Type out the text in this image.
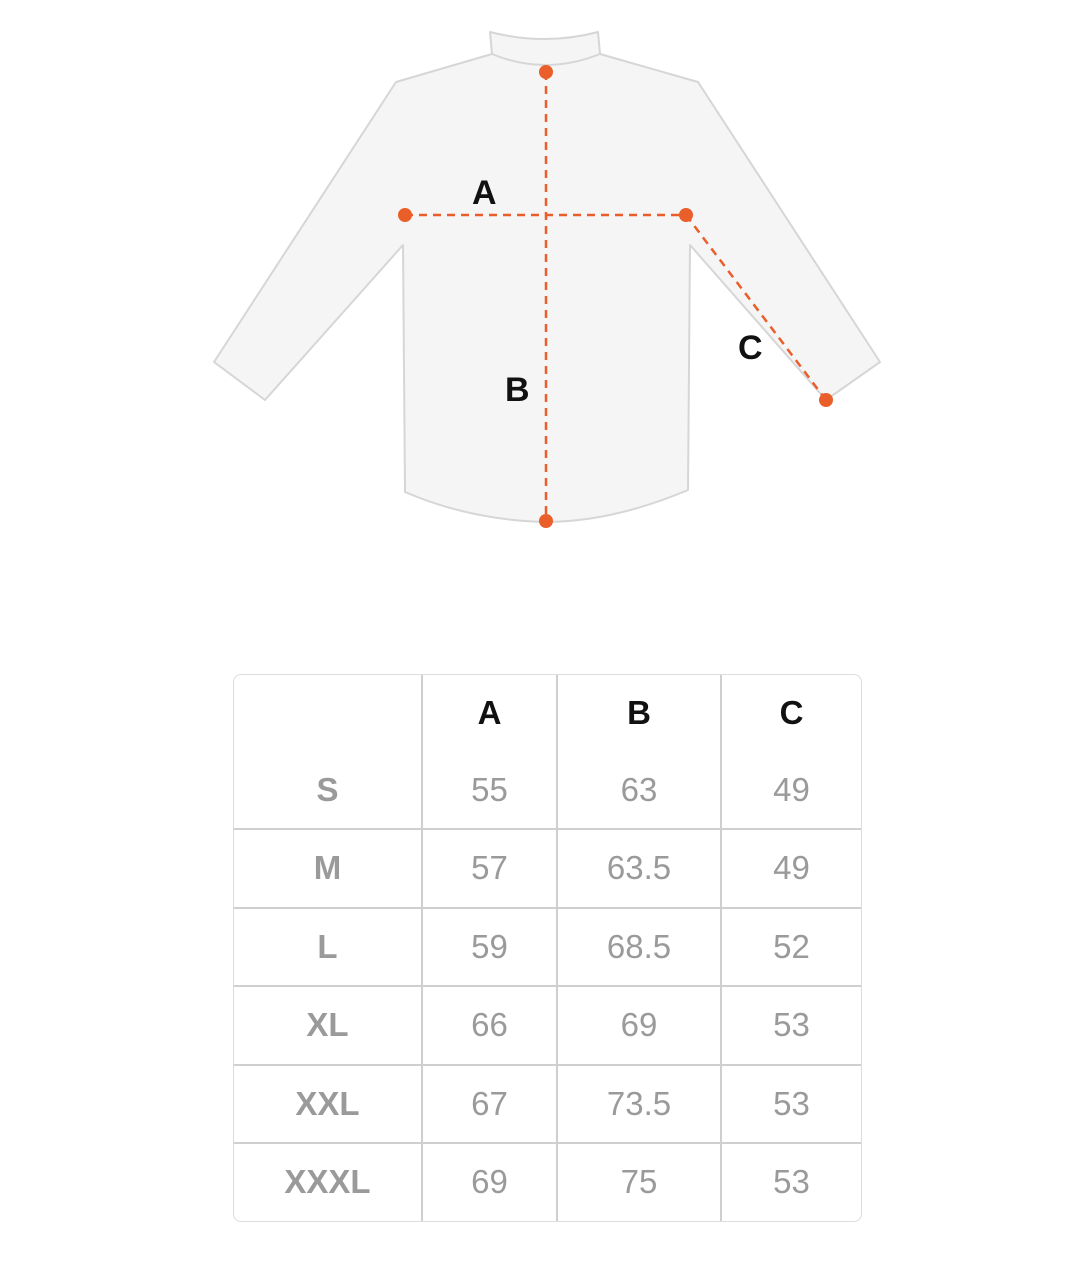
A
B
C
	A	B	C
S	55	63	49
M	57	63.5	49
L	59	68.5	52
XL	66	69	53
XXL	67	73.5	53
XXXL	69	75	53
